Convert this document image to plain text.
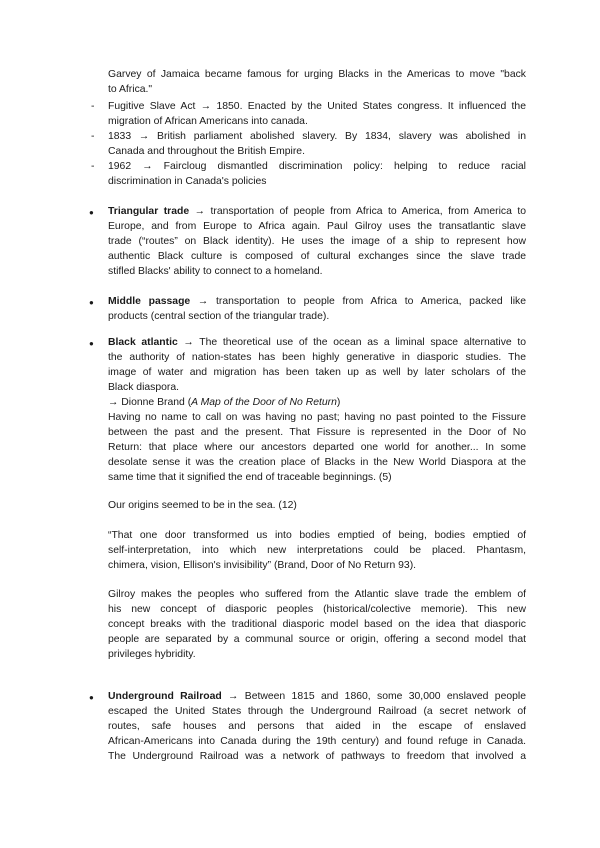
Garvey of Jamaica became famous for urging Blacks in the Americas to move "back
to Africa."
- Fugitive Slave Act → 1850. Enacted by the United States congress. It influenced the
migration of African Americans into canada.
- 1833 → British parliament abolished slavery. By 1834, slavery was abolished in
Canada and throughout the British Empire.
- 1962 → Faircloug dismantled discrimination policy: helping to reduce racial
discrimination in Canada's policies
● Triangular trade → transportation of people from Africa to America, from America to
Europe, and from Europe to Africa again. Paul Gilroy uses the transatlantic slave
trade (“routes” on Black identity). He uses the image of a ship to represent how
authentic Black culture is composed of cultural exchanges since the slave trade
stifled Blacks' ability to connect to a homeland.
● Middle passage → transportation to people from Africa to America, packed like
products (central section of the triangular trade).
● Black atlantic → The theoretical use of the ocean as a liminal space alternative to
the authority of nation-states has been highly generative in diasporic studies. The
image of water and migration has been taken up as well by later scholars of the
Black diaspora.
→ Dionne Brand (A Map of the Door of No Return)
Having no name to call on was having no past; having no past pointed to the Fissure
between the past and the present. That Fissure is represented in the Door of No
Return: that place where our ancestors departed one world for another... In some
desolate sense it was the creation place of Blacks in the New World Diaspora at the
same time that it signified the end of traceable beginnings. (5)
Our origins seemed to be in the sea. (12)
“That one door transformed us into bodies emptied of being, bodies emptied of
self-interpretation, into which new interpretations could be placed. Phantasm,
chimera, vision, Ellison's invisibility” (Brand, Door of No Return 93).
Gilroy makes the peoples who suffered from the Atlantic slave trade the emblem of
his new concept of diasporic peoples (historical/colective memorie). This new
concept breaks with the traditional diasporic model based on the idea that diasporic
people are separated by a communal source or origin, offering a second model that
privileges hybridity.
● Underground Railroad → Between 1815 and 1860, some 30,000 enslaved people
escaped the United States through the Underground Railroad (a secret network of
routes, safe houses and persons that aided in the escape of enslaved
African-Americans into Canada during the 19th century) and found refuge in Canada.
The Underground Railroad was a network of pathways to freedom that involved a
